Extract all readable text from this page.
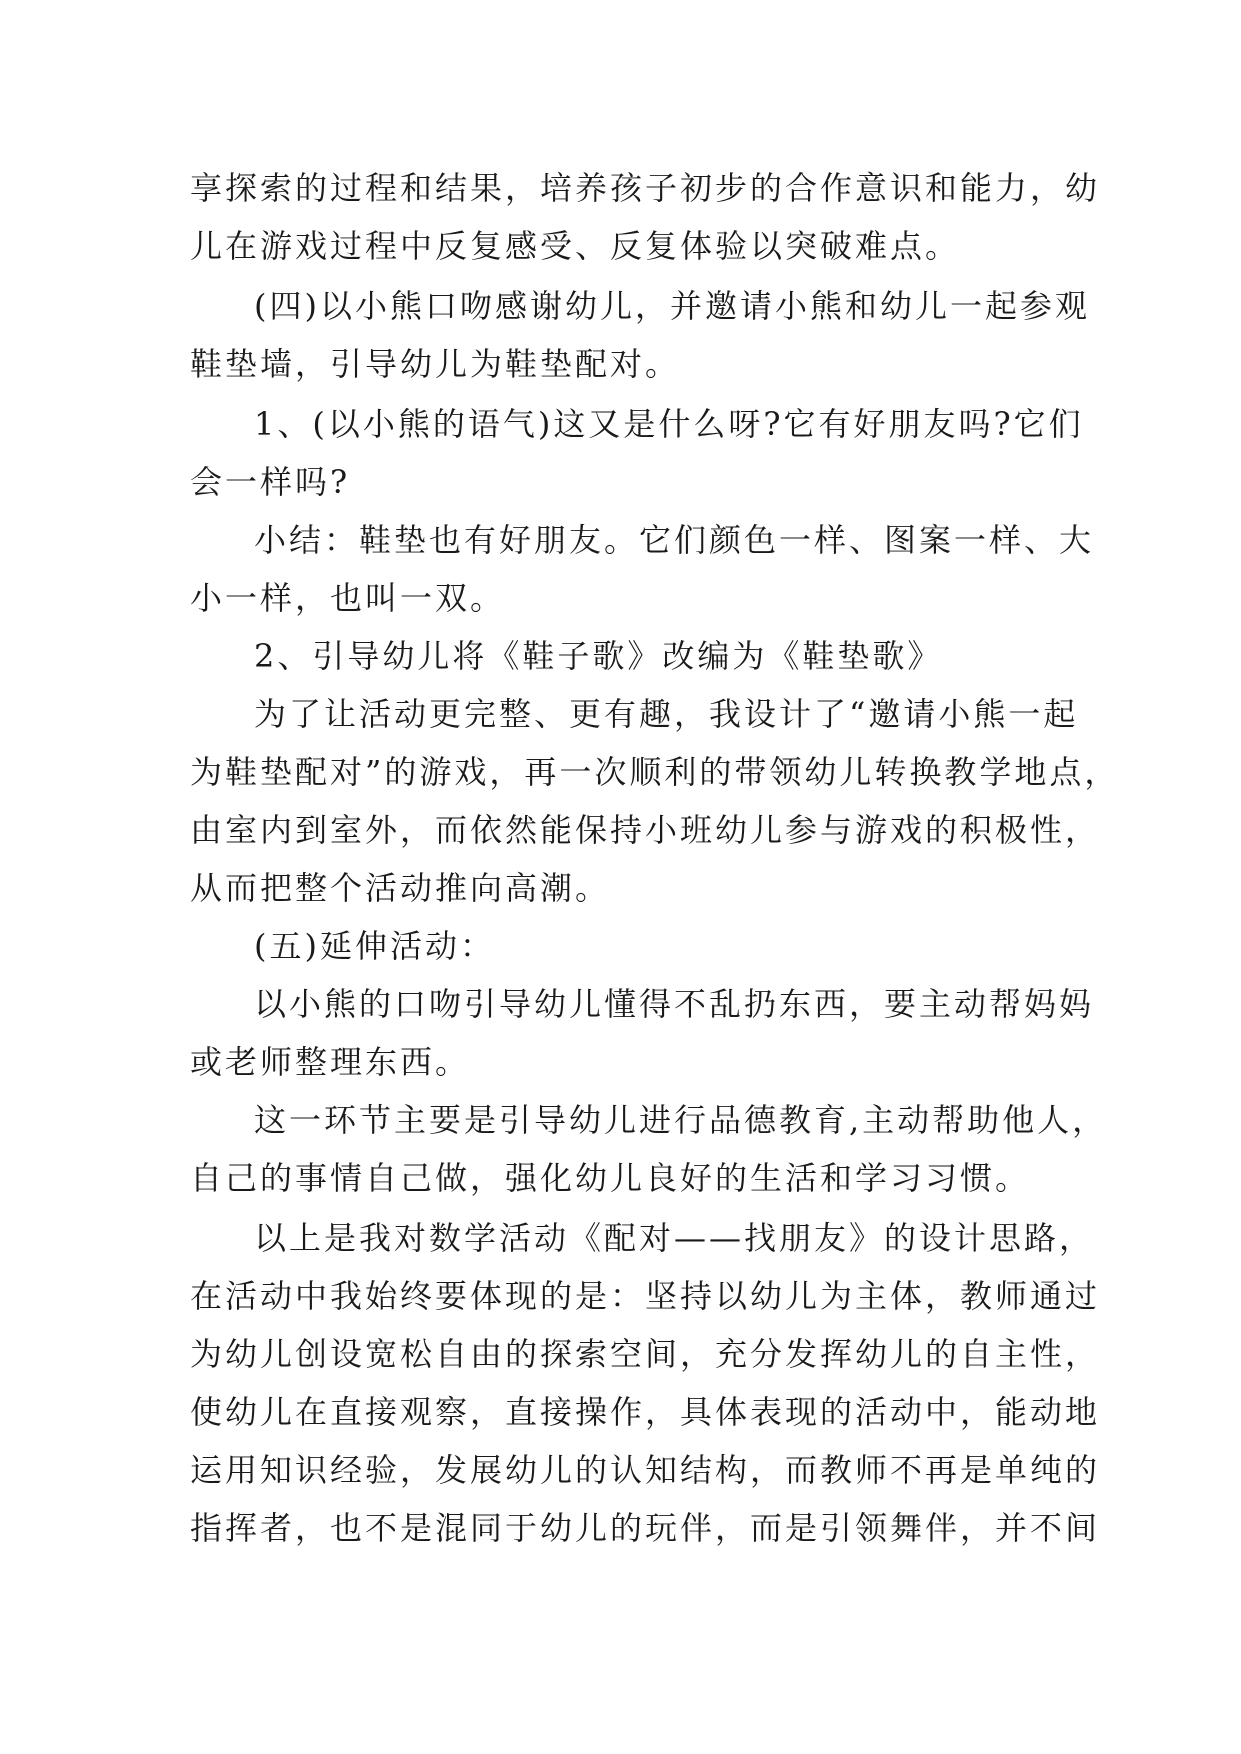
享探索的过程和结果，培养孩子初步的合作意识和能力，幼
儿在游戏过程中反复感受、反复体验以突破难点。
(四)以小熊口吻感谢幼儿，并邀请小熊和幼儿一起参观
鞋垫墙，引导幼儿为鞋垫配对。
1、(以小熊的语气)这又是什么呀?它有好朋友吗?它们
会一样吗?
小结：鞋垫也有好朋友。它们颜色一样、图案一样、大
小一样，也叫一双。
2、引导幼儿将《鞋子歌》改编为《鞋垫歌》
为了让活动更完整、更有趣，我设计了“邀请小熊一起
为鞋垫配对”的游戏，再一次顺利的带领幼儿转换教学地点，
由室内到室外，而依然能保持小班幼儿参与游戏的积极性，
从而把整个活动推向高潮。
(五)延伸活动：
以小熊的口吻引导幼儿懂得不乱扔东西，要主动帮妈妈
或老师整理东西。
这一环节主要是引导幼儿进行品德教育,主动帮助他人，
自己的事情自己做，强化幼儿良好的生活和学习习惯。
以上是我对数学活动《配对——找朋友》的设计思路，
在活动中我始终要体现的是：坚持以幼儿为主体，教师通过
为幼儿创设宽松自由的探索空间，充分发挥幼儿的自主性，
使幼儿在直接观察，直接操作，具体表现的活动中，能动地
运用知识经验，发展幼儿的认知结构，而教师不再是单纯的
指挥者，也不是混同于幼儿的玩伴，而是引领舞伴，并不间
